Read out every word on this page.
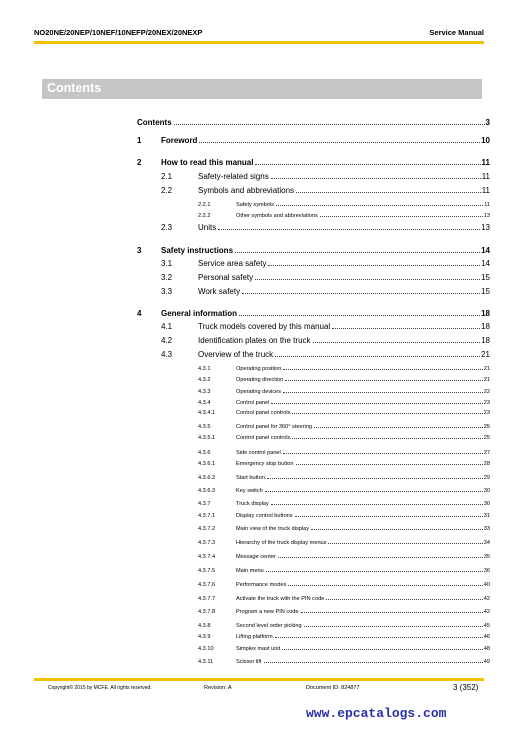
NO20NE/20NEP/10NEF/10NEFP/20NEX/20NEXP	Service Manual
Contents
Contents	3
1 Foreword	10
2 How to read this manual	11
2.1	Safety-related signs	11
2.2	Symbols and abbreviations	11
2.2.1	Safety symbols	11
2.2.2	Other symbols and abbreviations	13
2.3	Units	13
3 Safety instructions	14
3.1	Service area safety	14
3.2	Personal safety	15
3.3	Work safety	15
4 General information	18
4.1	Truck models covered by this manual	18
4.2	Identification plates on the truck	18
4.3	Overview of the truck	21
4.3.1	Operating position	21
4.3.2	Operating direction	21
4.3.3	Operating devices	22
4.3.4	Control panel	23
4.3.4.1	Control panel controls	23
4.3.5	Control panel for 360° steering	25
4.3.5.1	Control panel controls	25
4.3.6	Side control panel	27
4.3.6.1	Emergency stop button	28
4.3.6.2	Start button	29
4.3.6.3	Key switch	30
4.3.7	Truck display	30
4.3.7.1	Display control buttons	31
4.3.7.2	Main view of the truck display	33
4.3.7.3	Hierarchy of the truck display menus	34
4.3.7.4	Message center	35
4.3.7.5	Main menu	36
4.3.7.6	Performance modes	40
4.3.7.7	Activate the truck with the PIN code	42
4.3.7.8	Program a new PIN code	42
4.3.8	Second level order picking	45
4.3.9	Lifting platform	46
4.3.10	Simplex mast unit	48
4.3.11	Scissor lift	49
Copyright© 2015 by MCFE. All rights reserved.	Revision: A	Document ID: 824877	3 (352)
www.epcatalogs.com
